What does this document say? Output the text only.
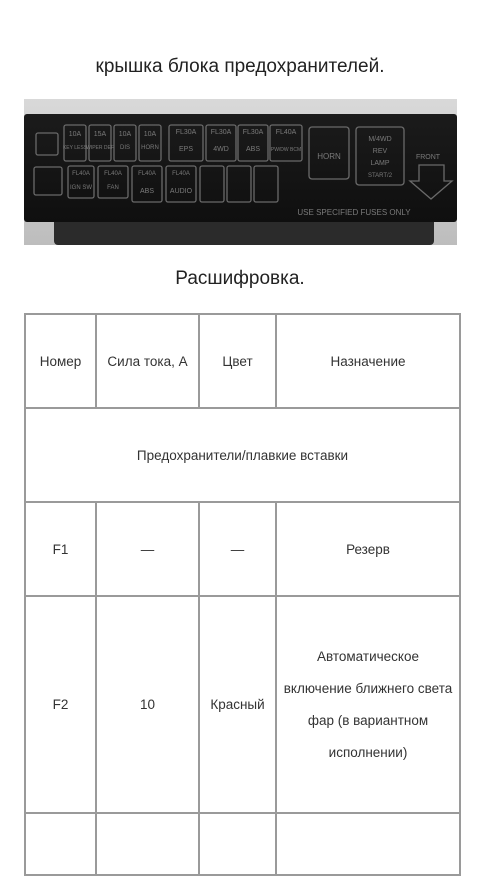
крышка блока предохранителей.
10A 15A 10A 10A	FL30A FL30A FL30A FL40A
KEY LESS WIPER DEF DIS HORN	EPS	4WD ABS PW/DW BCM
FL40A FL40A	FL40A	FL40A
IGN SW	FAN	ABS AUDIO
HORN
M/4WD
REV
LAMP
START/2
FRONT
USE SPECIFIED FUSES ONLY
Расшифровка.
Номер	Сила тока, А	Цвет	Назначение
Предохранители/плавкие вставки			
F1	—	—	Резерв
F2	10	Красный	Автоматическое включение ближнего света фар (в вариантном исполнении)
